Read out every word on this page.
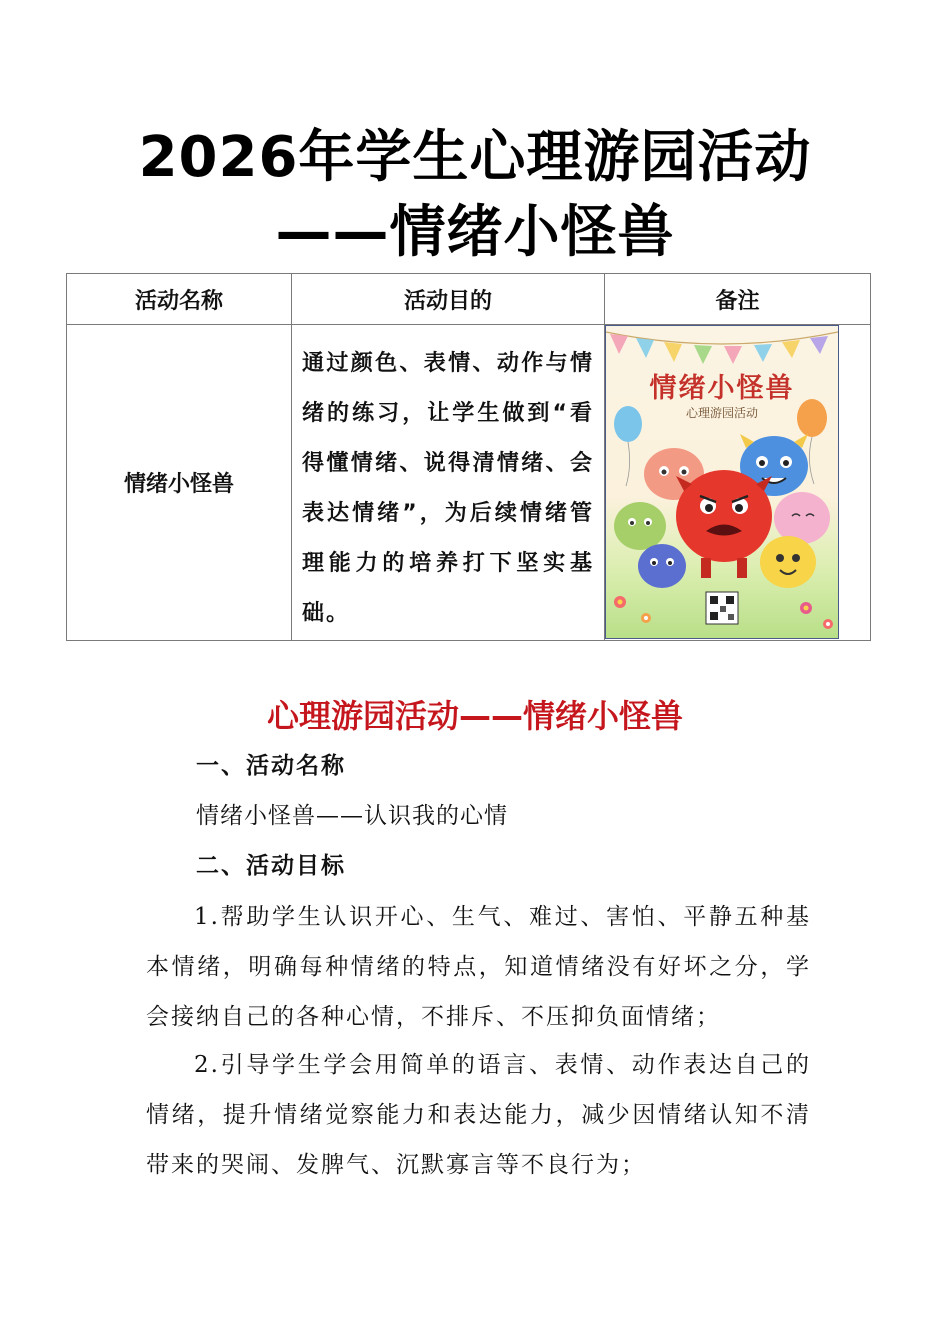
2026年学生心理游园活动
——情绪小怪兽
活动名称	活动目的	备注
情绪小怪兽	通过颜色、表情、动作与情绪的练习，让学生做到“看得懂情绪、说得清情绪、会表达情绪”，为后续情绪管理能力的培养打下坚实基础。	情绪小怪兽
心理游园活动
心理游园活动——情绪小怪兽
一、活动名称
情绪小怪兽——认识我的心情
二、活动目标

1.帮助学生认识开心、生气、难过、害怕、平静五种基本情绪，明确每种情绪的特点，知道情绪没有好坏之分，学会接纳自己的各种心情，不排斥、不压抑负面情绪；

2.引导学生学会用简单的语言、表情、动作表达自己的情绪，提升情绪觉察能力和表达能力，减少因情绪认知不清带来的哭闹、发脾气、沉默寡言等不良行为；
